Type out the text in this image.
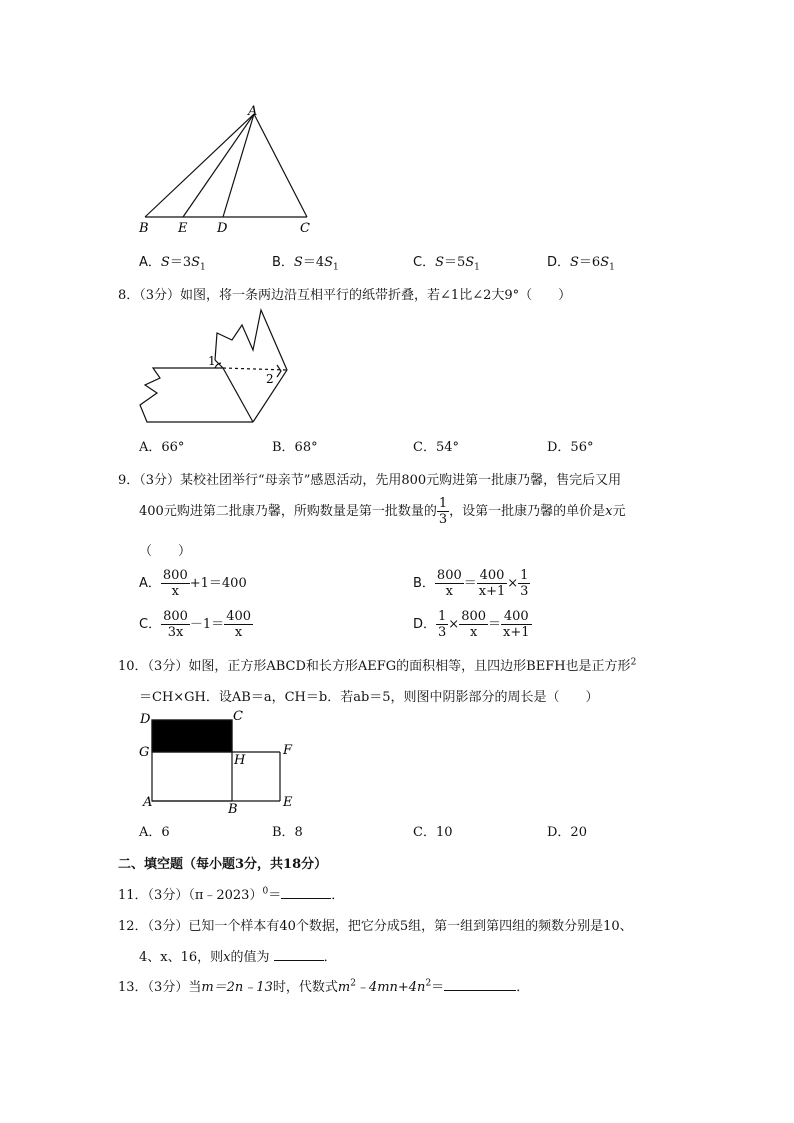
A
B E D	C
A．$S=3S_1$	B．$S=4S_1$	C．$S=5S_1$	D．$S=6S_1$
8．（3分）如图，将一条两边沿互相平行的纸带折叠，若∠1比∠2大9°（　　）
1
2
A．66°	B．68°	C．54°	D．56°
9．（3分）某校社团举行“母亲节”感恩活动，先用800元购进第一批康乃馨，售完后又用
400元购进第二批康乃馨，所购数量是第一批数量的 $\frac{1}{3}$ ，设第一批康乃馨的单价是x元
（　　）
A． $\frac{800}{x} +1=400$	B． $\frac{800}{x} = \frac{400}{x+1} \times \frac{1}{3}$
C． $\frac{800}{3x} -1= \frac{400}{x}$	D． $\frac{1}{3} \times \frac{800}{x} = \frac{400}{x+1}$
10．（3分）如图，正方形ABCD和长方形AEFG的面积相等，且四边形BEFH也是正方形$^2$
＝CH×GH．设AB＝a，CH＝b．若ab＝5，则图中阴影部分的周长是（　　）
D	C
G
H
F
A	B	E
A．6	B．8	C．10	D．20
二、填空题（每小题3分，共18分）
11．（3分）（π﹣2023）$^0$＝	．
12．（3分）已知一个样本有40个数据，把它分成5组，第一组到第四组的频数分别是10、
4、x、16，则x的值为	．
13．（3分）当m＝2n﹣13时，代数式$m^2﹣4mn+4n^2=$	．
